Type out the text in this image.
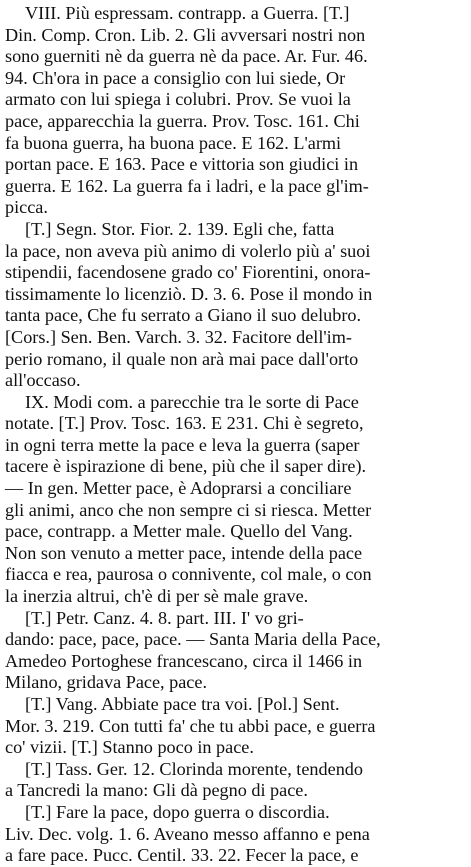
VIII. Più espressam. contrapp. a Guerra. [T.]
Din. Comp. Cron. Lib. 2. Gli avversari nostri non
sono guerniti nè da guerra nè da pace. Ar. Fur. 46.
94. Ch'ora in pace a consiglio con lui siede, Or
armato con lui spiega i colubri. Prov. Se vuoi la
pace, apparecchia la guerra. Prov. Tosc. 161. Chi
fa buona guerra, ha buona pace. E 162. L'armi
portan pace. E 163. Pace e vittoria son giudici in
guerra. E 162. La guerra fa i ladri, e la pace gl'im-
picca.
[T.] Segn. Stor. Fior. 2. 139. Egli che, fatta
la pace, non aveva più animo di volerlo più a' suoi
stipendii, facendosene grado co' Fiorentini, onora-
tissimamente lo licenziò. D. 3. 6. Pose il mondo in
tanta pace, Che fu serrato a Giano il suo delubro.
[Cors.] Sen. Ben. Varch. 3. 32. Facitore dell'im-
perio romano, il quale non arà mai pace dall'orto
all'occaso.
IX. Modi com. a parecchie tra le sorte di Pace
notate. [T.] Prov. Tosc. 163. E 231. Chi è segreto,
in ogni terra mette la pace e leva la guerra (saper
tacere è ispirazione di bene, più che il saper dire).
— In gen. Metter pace, è Adoprarsi a conciliare
gli animi, anco che non sempre ci si riesca. Metter
pace, contrapp. a Metter male. Quello del Vang.
Non son venuto a metter pace, intende della pace
fiacca e rea, paurosa o connivente, col male, o con
la inerzia altrui, ch'è di per sè male grave.
[T.] Petr. Canz. 4. 8. part. III. I' vo gri-
dando: pace, pace, pace. — Santa Maria della Pace,
Amedeo Portoghese francescano, circa il 1466 in
Milano, gridava Pace, pace.
[T.] Vang. Abbiate pace tra voi. [Pol.] Sent.
Mor. 3. 219. Con tutti fa' che tu abbi pace, e guerra
co' vizii. [T.] Stanno poco in pace.
[T.] Tass. Ger. 12. Clorinda morente, tendendo
a Tancredi la mano: Gli dà pegno di pace.
[T.] Fare la pace, dopo guerra o discordia.
Liv. Dec. volg. 1. 6. Aveano messo affanno e pena
a fare pace. Pucc. Centil. 33. 22. Fecer la pace, e
